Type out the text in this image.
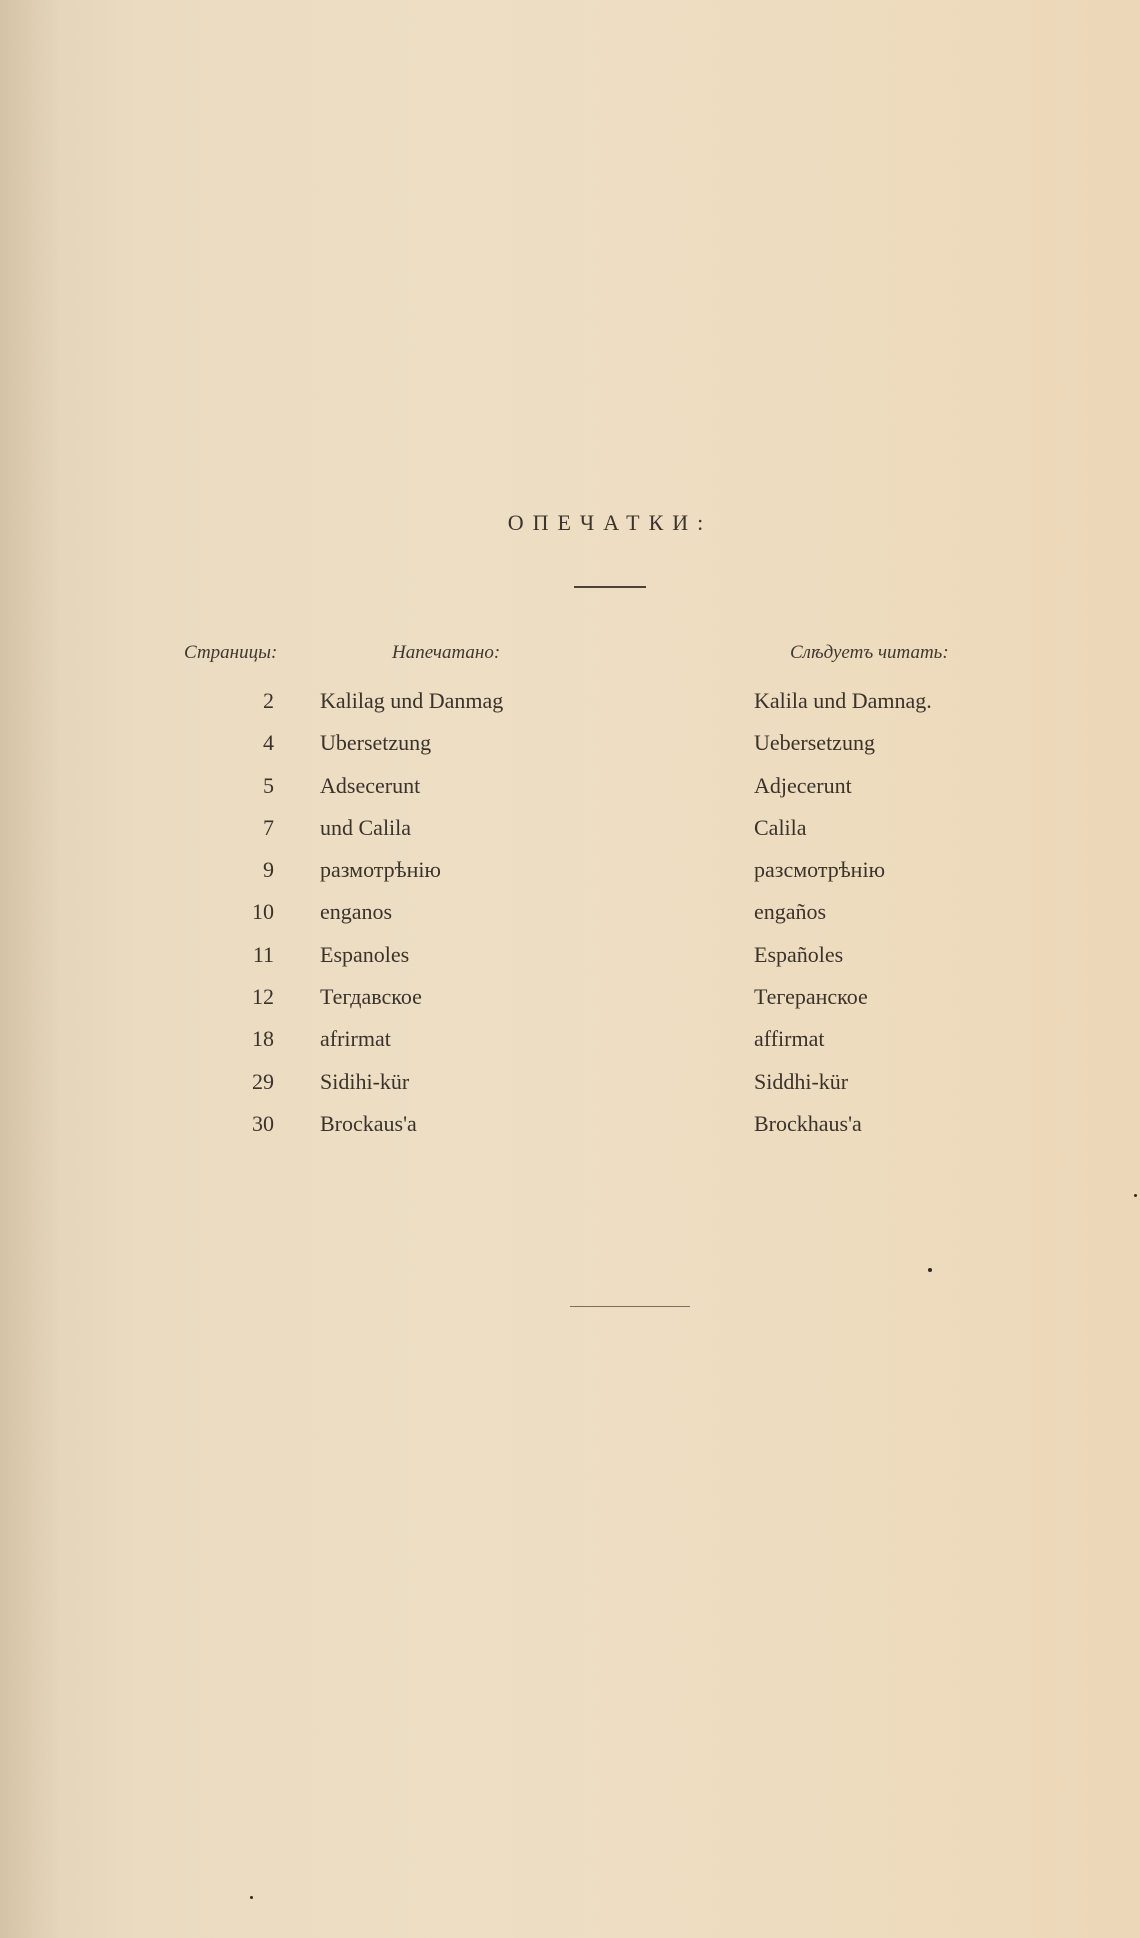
ОПЕЧАТКИ:
Страницы:	Напечатано:	Слѣдуетъ читать:
2 Kalilag und Danmag	Kalila und Damnag.
4 Ubersetzung	Uebersetzung
5 Adsecerunt	Adjecerunt
7 und Calila	Calila
9 размотрѣнію	разсмотрѣнію
10 enganos	engaños
11 Espanoles	Españoles
12 Тегдавское	Тегеранское
18 afrirmat	affirmat
29 Sidihi-kür	Siddhi-kür
30 Brockaus'a	Brockhaus'a
